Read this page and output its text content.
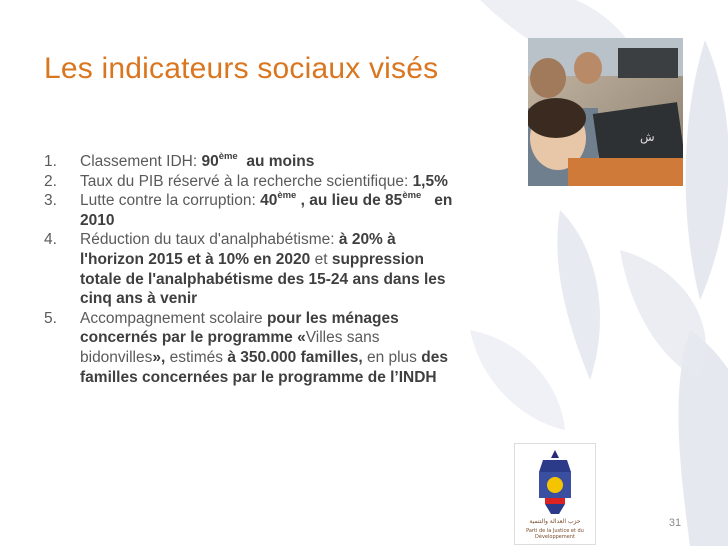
Les indicateurs sociaux visés
1.	Classement IDH: 90ème  au moins
2.	Taux du PIB réservé à la recherche scientifique: 1,5%
3.	Lutte contre la corruption: 40ème , au lieu de 85ème   en 2010
4.	Réduction du taux d'analphabétisme: à 20% à l'horizon 2015 et à 10% en 2020 et suppression totale de l'analphabétisme des 15-24 ans dans les cinq ans à venir
5.	Accompagnement scolaire pour les ménages concernés par le programme «Villes sans bidonvilles», estimés à 350.000 familles, en plus des familles concernées par le programme de l’INDH
ش
حزب العدالة والتنمية
Parti de la Justice et du Développement
31
